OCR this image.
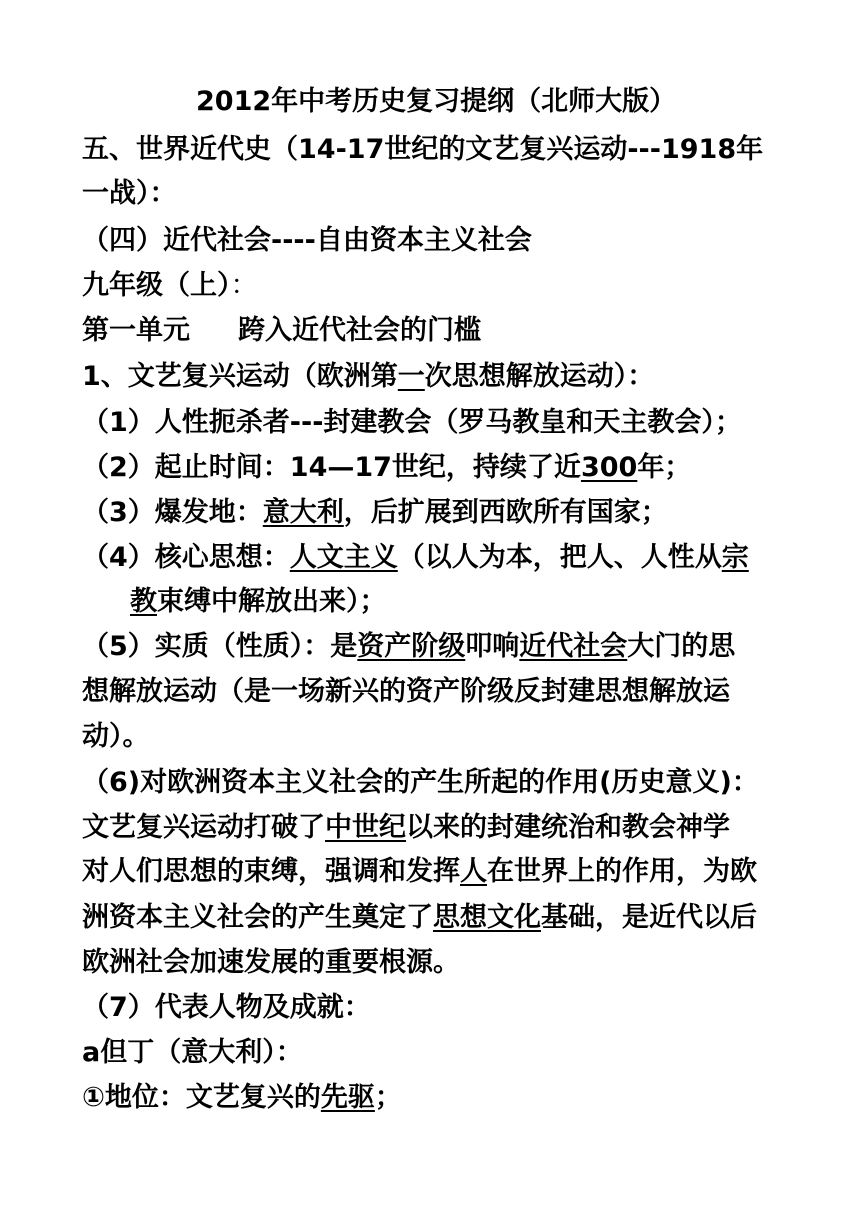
2012年中考历史复习提纲（北师大版）
五、世界近代史（14-17世纪的文艺复兴运动---1918年
一战）：
（四）近代社会----自由资本主义社会
九年级（上）：
第一单元 跨入近代社会的门槛
1、文艺复兴运动（欧洲第一次思想解放运动）：
（1）人性扼杀者---封建教会（罗马教皇和天主教会）；
（2）起止时间：14—17世纪，持续了近300年；
（3）爆发地：意大利，后扩展到西欧所有国家；
（4）核心思想：人文主义（以人为本，把人、人性从宗
教束缚中解放出来）；
（5）实质（性质）：是资产阶级叩响近代社会大门的思
想解放运动（是一场新兴的资产阶级反封建思想解放运
动）。
（6)对欧洲资本主义社会的产生所起的作用(历史意义)：
文艺复兴运动打破了中世纪以来的封建统治和教会神学
对人们思想的束缚，强调和发挥人在世界上的作用，为欧
洲资本主义社会的产生奠定了思想文化基础，是近代以后
欧洲社会加速发展的重要根源。
（7）代表人物及成就：
a但丁（意大利）：
①地位：文艺复兴的先驱；
